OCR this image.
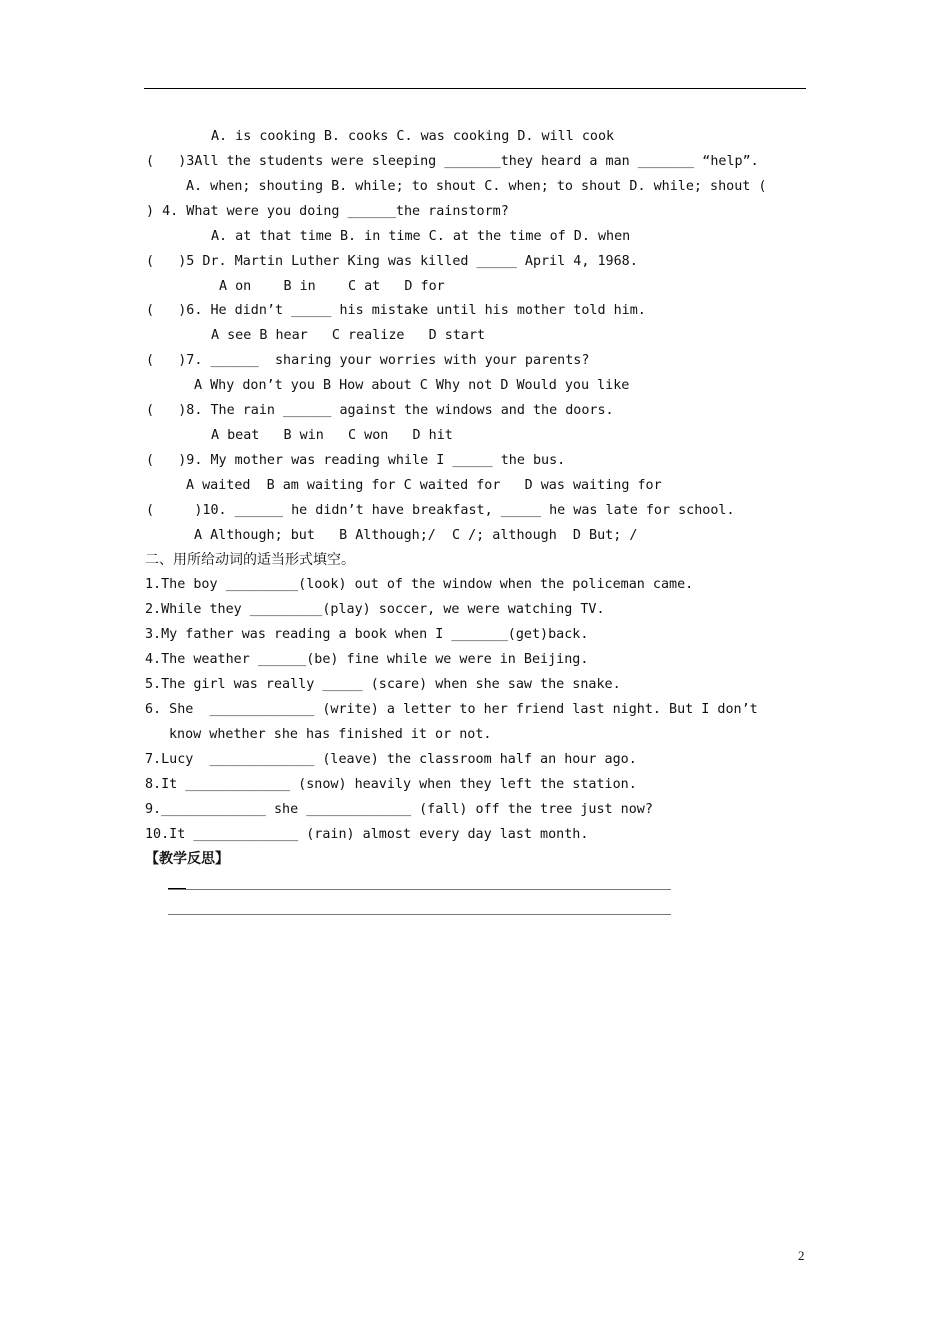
A. is cooking B. cooks C. was cooking D. will cook
(   )3All the students were sleeping _______they heard a man _______ “help”.
A. when; shouting B. while; to shout C. when; to shout D. while; shout (
) 4. What were you doing ______the rainstorm?
A. at that time B. in time C. at the time of D. when
(   )5 Dr. Martin Luther King was killed _____ April 4, 1968.
A on    B in    C at   D for
(   )6. He didn’t _____ his mistake until his mother told him.
A see B hear   C realize   D start
(   )7. ______  sharing your worries with your parents?
A Why don’t you B How about C Why not D Would you like
(   )8. The rain ______ against the windows and the doors.
A beat   B win   C won   D hit
(   )9. My mother was reading while I _____ the bus.
A waited  B am waiting for C waited for   D was waiting for
(     )10. ______ he didn’t have breakfast, _____ he was late for school.
A Although; but   B Although;/  C /; although  D But; /
二、用所给动词的适当形式填空。
1.The boy _________(look) out of the window when the policeman came.
2.While they _________(play) soccer, we were watching TV.
3.My father was reading a book when I _______(get)back.
4.The weather ______(be) fine while we were in Beijing.
5.The girl was really _____ (scare) when she saw the snake.
6. She  _____________ (write) a letter to her friend last night. But I don’t
know whether she has finished it or not.
7.Lucy  _____________ (leave) the classroom half an hour ago.
8.It _____________ (snow) heavily when they left the station.
9._____________ she _____________ (fall) off the tree just now?
10.It _____________ (rain) almost every day last month.
【教学反思】
2
